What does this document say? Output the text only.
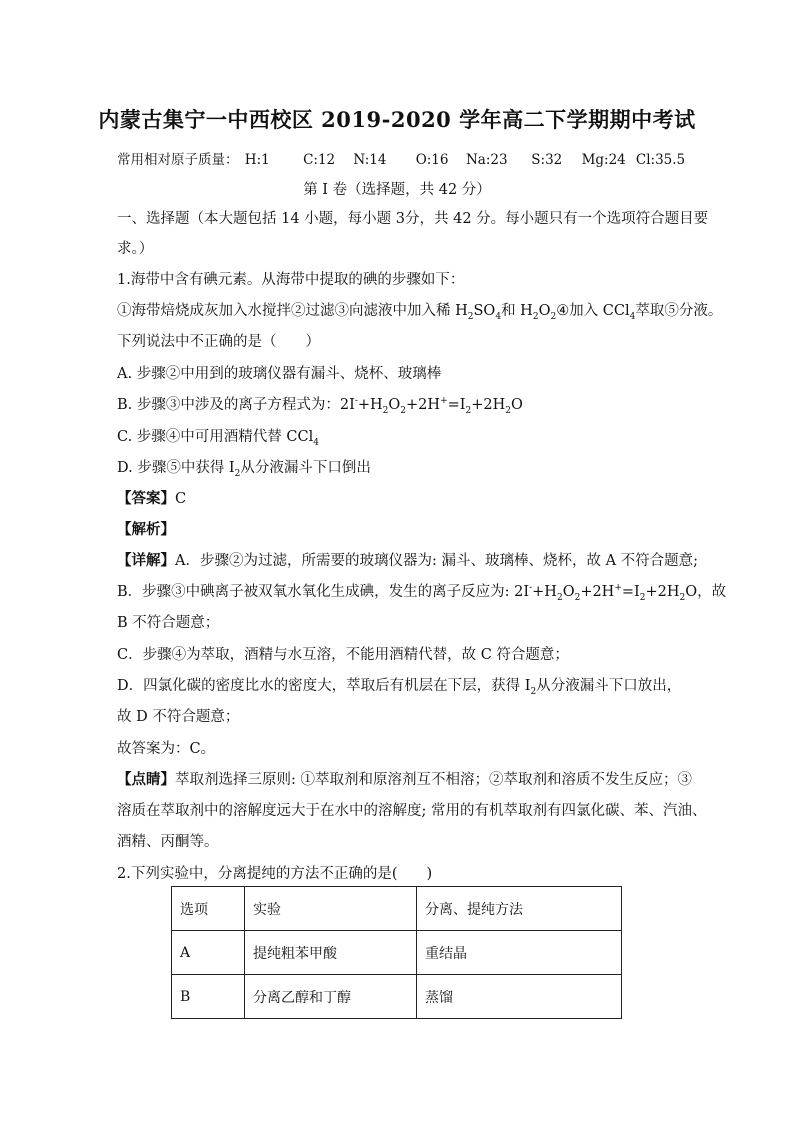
内蒙古集宁一中西校区 2019-2020 学年高二下学期期中考试
常用相对原子质量： H:1 C:12 N:14 O:16 Na:23 S:32 Mg:24 Cl:35.5
第 I 卷（选择题，共 42 分）
一、选择题（本大题包括 14 小题，每小题 3分，共 42 分。每小题只有一个选项符合题目要
求。）
1.海带中含有碘元素。从海带中提取的碘的步骤如下：
①海带焙烧成灰加入水搅拌②过滤③向滤液中加入稀 $H_2SO_4$和 $H_2O_2④$加入 CCl$_4$萃取⑤分液。
下列说法中不正确的是（　　）
A. 步骤②中用到的玻璃仪器有漏斗、烧杯、玻璃棒
B. 步骤③中涉及的离子方程式为：$2I^-+H_2O_2+2H^+=I_2+2H_2O$
C. 步骤④中可用酒精代替 CCl$_4$
D. 步骤⑤中获得 $I_2$从分液漏斗下口倒出
【答案】C
【解析】
【详解】A．步骤②为过滤，所需要的玻璃仪器为: 漏斗、玻璃棒、烧杯，故 A 不符合题意;
B．步骤③中碘离子被双氧水氧化生成碘，发生的离子反应为: $2I^-+H_2O_2+2H^+=I_2+2H_2O$，故
B 不符合题意；
C．步骤④为萃取，酒精与水互溶，不能用酒精代替，故 C 符合题意；
D．四氯化碳的密度比水的密度大，萃取后有机层在下层，获得 $I_2$从分液漏斗下口放出，
故 D 不符合题意；
故答案为：C。
【点睛】萃取剂选择三原则: ①萃取剂和原溶剂互不相溶；②萃取剂和溶质不发生反应；③
溶质在萃取剂中的溶解度远大于在水中的溶解度; 常用的有机萃取剂有四氯化碳、苯、汽油、
酒精、丙酮等。
2.下列实验中，分离提纯的方法不正确的是(　　)
选项	实验	分离、提纯方法
A	提纯粗苯甲酸	重结晶
B	分离乙醇和丁醇	蒸馏
